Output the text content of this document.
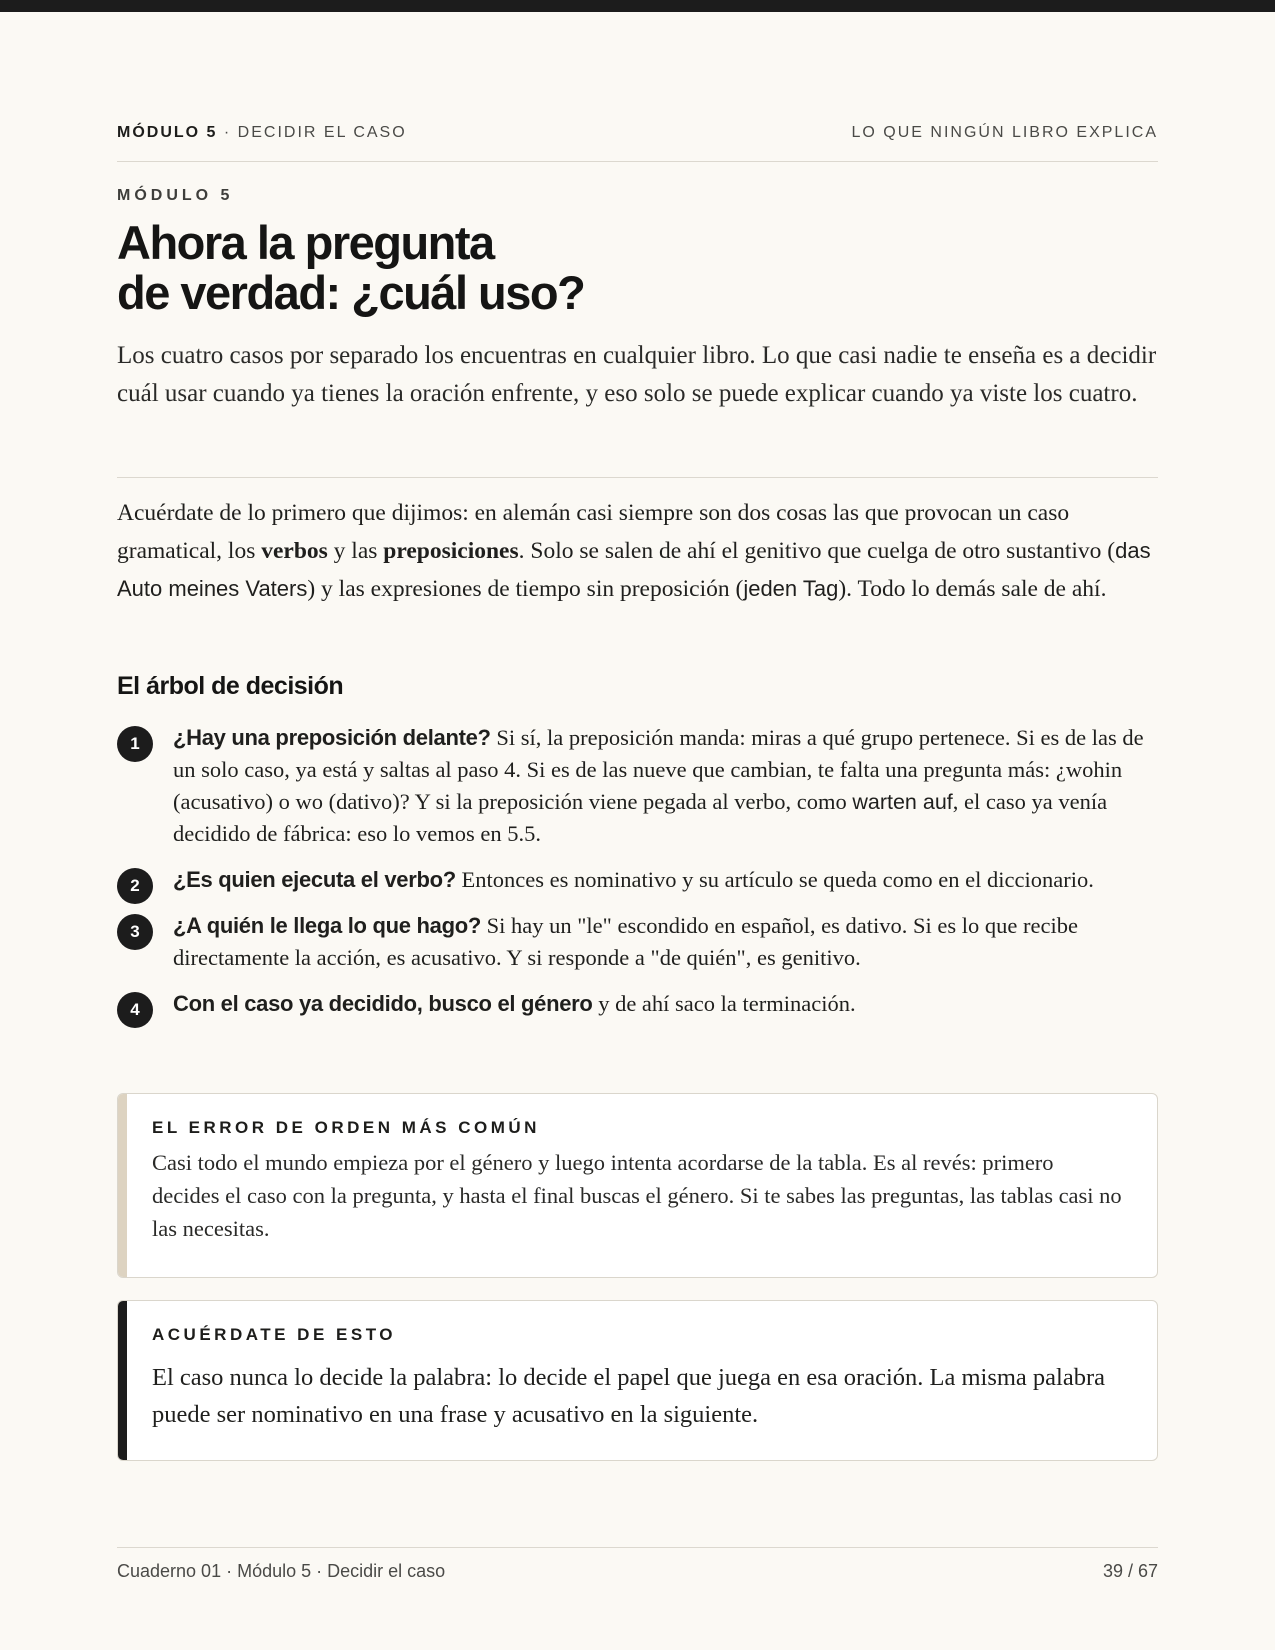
MÓDULO 5 · DECIDIR EL CASO	LO QUE NINGÚN LIBRO EXPLICA
MÓDULO 5
Ahora la pregunta
de verdad: ¿cuál uso?

Los cuatro casos por separado los encuentras en cualquier libro. Lo que casi nadie te enseña es a decidir cuál usar cuando ya tienes la oración enfrente, y eso solo se puede explicar cuando ya viste los cuatro.

Acuérdate de lo primero que dijimos: en alemán casi siempre son dos cosas las que provocan un caso gramatical, los verbos y las preposiciones. Solo se salen de ahí el genitivo que cuelga de otro sustantivo (das Auto meines Vaters) y las expresiones de tiempo sin preposición (jeden Tag). Todo lo demás sale de ahí.

El árbol de decisión
1	¿Hay una preposición delante? Si sí, la preposición manda: miras a qué grupo pertenece. Si es de las de un solo caso, ya está y saltas al paso 4. Si es de las nueve que cambian, te falta una pregunta más: ¿wohin (acusativo) o wo (dativo)? Y si la preposición viene pegada al verbo, como warten auf, el caso ya venía decidido de fábrica: eso lo vemos en 5.5.
2	¿Es quien ejecuta el verbo? Entonces es nominativo y su artículo se queda como en el diccionario.
3	¿A quién le llega lo que hago? Si hay un "le" escondido en español, es dativo. Si es lo que recibe directamente la acción, es acusativo. Y si responde a "de quién", es genitivo.
4	Con el caso ya decidido, busco el género y de ahí saco la terminación.
EL ERROR DE ORDEN MÁS COMÚN

Casi todo el mundo empieza por el género y luego intenta acordarse de la tabla. Es al revés: primero decides el caso con la pregunta, y hasta el final buscas el género. Si te sabes las preguntas, las tablas casi no las necesitas.

ACUÉRDATE DE ESTO

El caso nunca lo decide la palabra: lo decide el papel que juega en esa oración. La misma palabra puede ser nominativo en una frase y acusativo en la siguiente.

Cuaderno 01 · Módulo 5 · Decidir el caso	39 / 67
